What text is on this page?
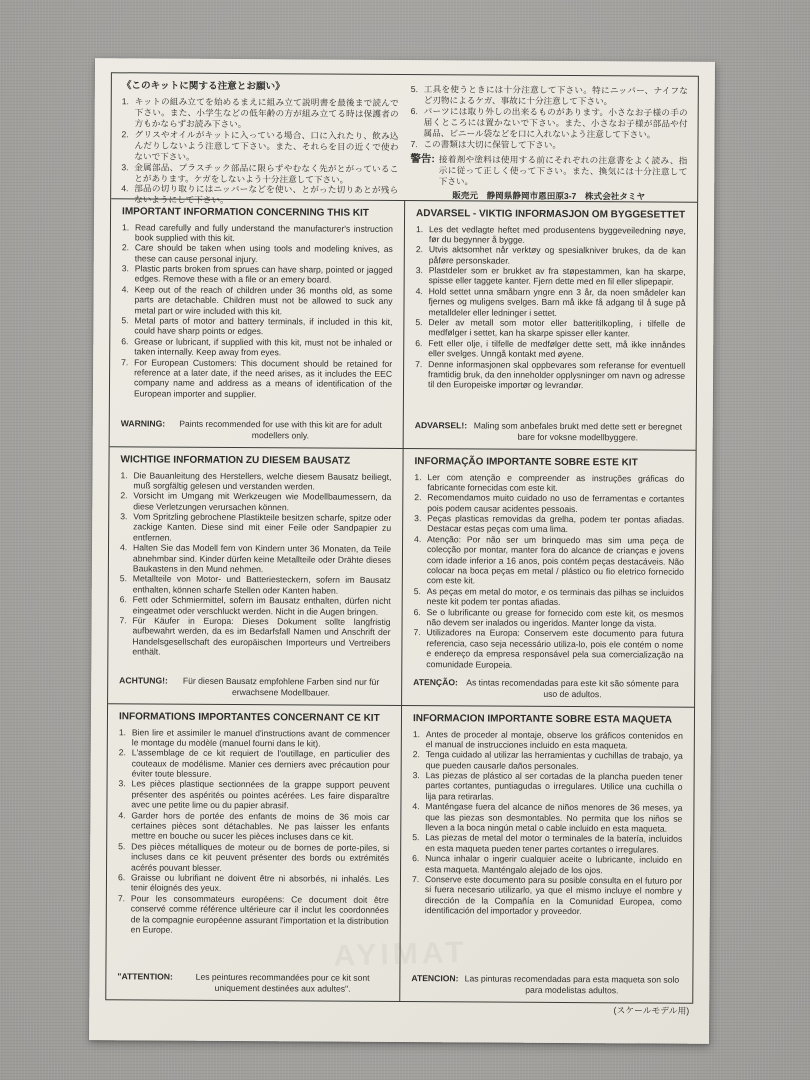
TAMIYA

《このキットに関する注意とお願い》

キットの組み立てを始めるまえに組み立て説明書を最後まで読んで下さい。また、小学生などの低年齢の方が組み立てる時は保護者の方もかならずお読み下さい。
グリスやオイルがキットに入っている場合、口に入れたり、飲み込んだりしないよう注意して下さい。また、それらを目の近くで使わないで下さい。
金属部品、プラスチック部品に限らずやむなく先がとがっていることがあります。ケガをしないよう十分注意して下さい。
部品の切り取りにはニッパーなどを使い、とがった切りあとが残らないようにして下さい。
工具を使うときには十分注意して下さい。特にニッパー、ナイフなど刃物によるケガ、事故に十分注意して下さい。
パーツには取り外しの出来るものがあります。小さなお子様の手の届くところには置かないで下さい。また、小さなお子様が部品や付属品、ビニール袋などを口に入れないよう注意して下さい。
この書類は大切に保管して下さい。
警告: 接着剤や塗料は使用する前にそれぞれの注意書をよく読み、指示に従って正しく使って下さい。また、換気には十分注意して下さい。

販売元　静岡県静岡市恩田原3-7　株式会社タミヤ

IMPORTANT INFORMATION CONCERNING THIS KIT
Read carefully and fully understand the manufacturer's instruction book supplied with this kit.
Care should be taken when using tools and modeling knives, as these can cause personal injury.
Plastic parts broken from sprues can have sharp, pointed or jagged edges. Remove these with a file or an emery board.
Keep out of the reach of children under 36 months old, as some parts are detachable. Children must not be allowed to suck any metal part or wire included with this kit.
Metal parts of motor and battery terminals, if included in this kit, could have sharp points or edges.
Grease or lubricant, if supplied with this kit, must not be inhaled or taken internally. Keep away from eyes.
For European Customers: This document should be retained for reference at a later date, if the need arises, as it includes the EEC company name and address as a means of identification of the European importer and supplier.

WARNING:	Paints recommended for use with this kit are for adult modellers only.

ADVARSEL - VIKTIG INFORMASJON OM BYGGESETTET
Les det vedlagte heftet med produsentens byggeveiledning nøye, før du begynner å bygge.
Utvis aktsomhet når verktøy og spesialkniver brukes, da de kan påføre personskader.
Plastdeler som er brukket av fra støpestammen, kan ha skarpe, spisse eller taggete kanter. Fjern dette med en fil eller slipepapir.
Hold settet unna småbarn yngre enn 3 år, da noen smådeler kan fjernes og muligens svelges. Barn må ikke få adgang til å suge på metalldeler eller ledninger i settet.
Deler av metall som motor eller batteritilkopling, i tilfelle de medfølger i settet, kan ha skarpe spisser eller kanter.
Fett eller olje, i tilfelle de medfølger dette sett, må ikke innåndes eller svelges. Unngå kontakt med øyene.
Denne informasjonen skal oppbevares som referanse for eventuell framtidig bruk, da den inneholder opplysninger om navn og adresse til den Europeiske importør og levrandør.

ADVARSEL!: Maling som anbefales brukt med dette sett er beregnet bare for voksne modellbyggere.

WICHTIGE INFORMATION ZU DIESEM BAUSATZ
Die Bauanleitung des Herstellers, welche diesem Bausatz beiliegt, muß sorgfältig gelesen und verstanden werden.
Vorsicht im Umgang mit Werkzeugen wie Modellbaumessern, da diese Verletzungen verursachen können.
Vom Spritzling gebrochene Plastikteile besitzen scharfe, spitze oder zackige Kanten. Diese sind mit einer Feile oder Sandpapier zu entfernen.
Halten Sie das Modell fern von Kindern unter 36 Monaten, da Teile abnehmbar sind. Kinder dürfen keine Metallteile oder Drähte dieses Baukastens in den Mund nehmen.
Metallteile von Motor- und Batteriesteckern, sofern im Bausatz enthalten, können scharfe Stellen oder Kanten haben.
Fett oder Schmiermittel, sofern im Bausatz enthalten, dürfen nicht eingeatmet oder verschluckt werden. Nicht in die Augen bringen.
Für Käufer in Europa: Dieses Dokument sollte langfristig aufbewahrt werden, da es im Bedarfsfall Namen und Anschrift der Handelsgesellschaft des europäischen Importeurs und Vertreibers enthält.

ACHTUNG!:	Für diesen Bausatz empfohlene Farben sind nur für erwachsene Modellbauer.

INFORMAÇÃO IMPORTANTE SOBRE ESTE KIT
Ler com atenção e compreender as instruções gráficas do fabricante fornecidas com este kit.
Recomendamos muito cuidado no uso de ferramentas e cortantes pois podem causar acidentes pessoais.
Peças plasticas removidas da grelha, podem ter pontas afiadas. Destacar estas peças com uma lima.
Atenção: Por não ser um brinquedo mas sim uma peça de colecção por montar, manter fora do alcance de crianças e jovens com idade inferior a 16 anos, pois contém peças destacáveis. Não colocar na boca peças em metal / plástico ou fio eletrico fornecido com este kit.
As peças em metal do motor, e os terminais das pilhas se incluidos neste kit podem ter pontas afiadas.
Se o lubrificante ou grease for fornecido com este kit, os mesmos não devem ser inalados ou ingeridos. Manter longe da vista.
Utilizadores na Europa: Conservem este documento para futura referencia, caso seja necessário utiliza-lo, pois ele contém o nome e endereço da empresa responsável pela sua comercialização na comunidade Europeia.

ATENÇÃO: As tintas recomendadas para este kit são sómente para uso de adultos.

INFORMATIONS IMPORTANTES CONCERNANT CE KIT
Bien lire et assimiler le manuel d'instructions avant de commencer le montage du modèle (manuel fourni dans le kit).
L'assemblage de ce kit requiert de l'outillage, en particulier des couteaux de modélisme. Manier ces derniers avec précaution pour éviter toute blessure.
Les pièces plastique sectionnées de la grappe support peuvent présenter des aspérités ou pointes acérées. Les faire disparaître avec une petite lime ou du papier abrasif.
Garder hors de portée des enfants de moins de 36 mois car certaines pièces sont détachables. Ne pas laisser les enfants mettre en bouche ou sucer les pièces incluses dans ce kit.
Des pièces métalliques de moteur ou de bornes de porte-piles, si incluses dans ce kit peuvent présenter des bords ou extrémités acérés pouvant blesser.
Graisse ou lubrifiant ne doivent être ni absorbés, ni inhalés. Les tenir éloignés des yeux.
Pour les consommateurs européens: Ce document doit être conservé comme référence ultérieure car il inclut les coordonnées de la compagnie européenne assurant l'importation et la distribution en Europe.

"ATTENTION:	Les peintures recommandées pour ce kit sont uniquement destinées aux adultes".

INFORMACION IMPORTANTE SOBRE ESTA MAQUETA
Antes de proceder al montaje, observe los gráficos contenidos en el manual de instrucciones incluido en esta maqueta.
Tenga cuidado al utilizar las herramientas y cuchillas de trabajo, ya que pueden causarle daños personales.
Las piezas de plástico al ser cortadas de la plancha pueden tener partes cortantes, puntiagudas o irregulares. Utilice una cuchilla o lija para retirarlas.
Manténgase fuera del alcance de niños menores de 36 meses, ya que las piezas son desmontables. No permita que los niños se lleven a la boca ningún metal o cable incluido en esta maqueta.
Las piezas de metal del motor o terminales de la batería, incluidos en esta maqueta pueden tener partes cortantes o irregulares.
Nunca inhalar o ingerir cualquier aceite o lubricante, incluido en esta maqueta. Manténgalo alejado de los ojos.
Conserve este documento para su posible consulta en el futuro por si fuera necesario utilizarlo, ya que el mismo incluye el nombre y dirección de la Compañía en la Comunidad Europea, como identificación del importador y proveedor.

ATENCION: Las pinturas recomendadas para esta maqueta son solo para modelistas adultos.

(スケールモデル用)
